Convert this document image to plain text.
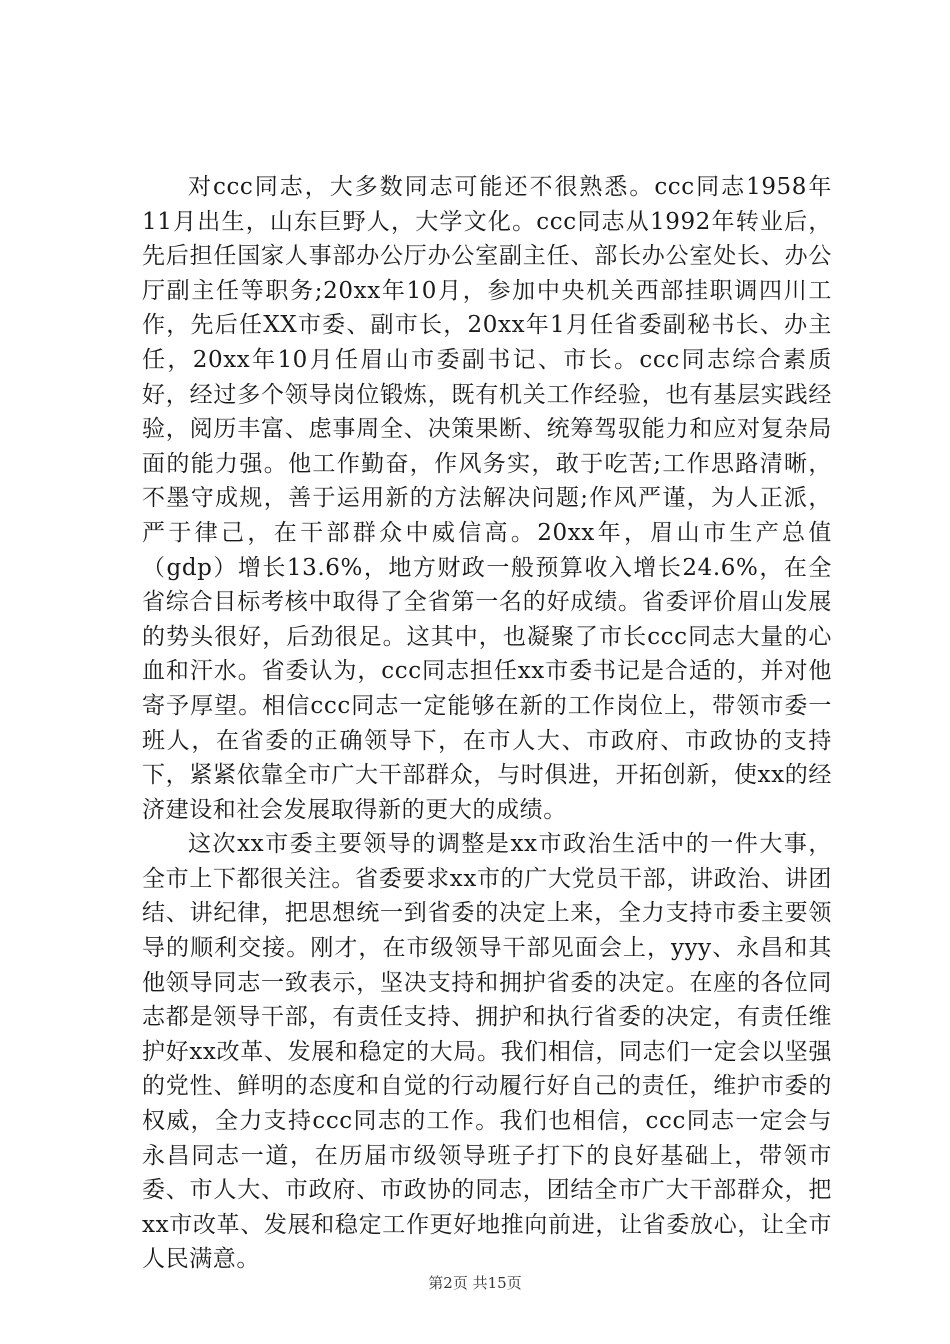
对ccc同志，大多数同志可能还不很熟悉。ccc同志1958年11月出生，山东巨野人，大学文化。ccc同志从1992年转业后，先后担任国家人事部办公厅办公室副主任、部长办公室处长、办公厅副主任等职务;20xx年10月，参加中央机关西部挂职调四川工作，先后任XX市委、副市长，20xx年1月任省委副秘书长、办主任，20xx年10月任眉山市委副书记、市长。ccc同志综合素质好，经过多个领导岗位锻炼，既有机关工作经验，也有基层实践经验，阅历丰富、虑事周全、决策果断、统筹驾驭能力和应对复杂局面的能力强。他工作勤奋，作风务实，敢于吃苦;工作思路清晰，不墨守成规，善于运用新的方法解决问题;作风严谨，为人正派，严于律己，在干部群众中威信高。20xx年，眉山市生产总值（gdp）增长13.6%，地方财政一般预算收入增长24.6%，在全省综合目标考核中取得了全省第一名的好成绩。省委评价眉山发展的势头很好，后劲很足。这其中，也凝聚了市长ccc同志大量的心血和汗水。省委认为，ccc同志担任xx市委书记是合适的，并对他寄予厚望。相信ccc同志一定能够在新的工作岗位上，带领市委一班人，在省委的正确领导下，在市人大、市政府、市政协的支持下，紧紧依靠全市广大干部群众，与时俱进，开拓创新，使xx的经济建设和社会发展取得新的更大的成绩。

这次xx市委主要领导的调整是xx市政治生活中的一件大事，全市上下都很关注。省委要求xx市的广大党员干部，讲政治、讲团结、讲纪律，把思想统一到省委的决定上来，全力支持市委主要领导的顺利交接。刚才，在市级领导干部见面会上，yyy、永昌和其他领导同志一致表示，坚决支持和拥护省委的决定。在座的各位同志都是领导干部，有责任支持、拥护和执行省委的决定，有责任维护好xx改革、发展和稳定的大局。我们相信，同志们一定会以坚强的党性、鲜明的态度和自觉的行动履行好自己的责任，维护市委的权威，全力支持ccc同志的工作。我们也相信，ccc同志一定会与永昌同志一道，在历届市级领导班子打下的良好基础上，带领市委、市人大、市政府、市政协的同志，团结全市广大干部群众，把xx市改革、发展和稳定工作更好地推向前进，让省委放心，让全市人民满意。

第2页 共15页
